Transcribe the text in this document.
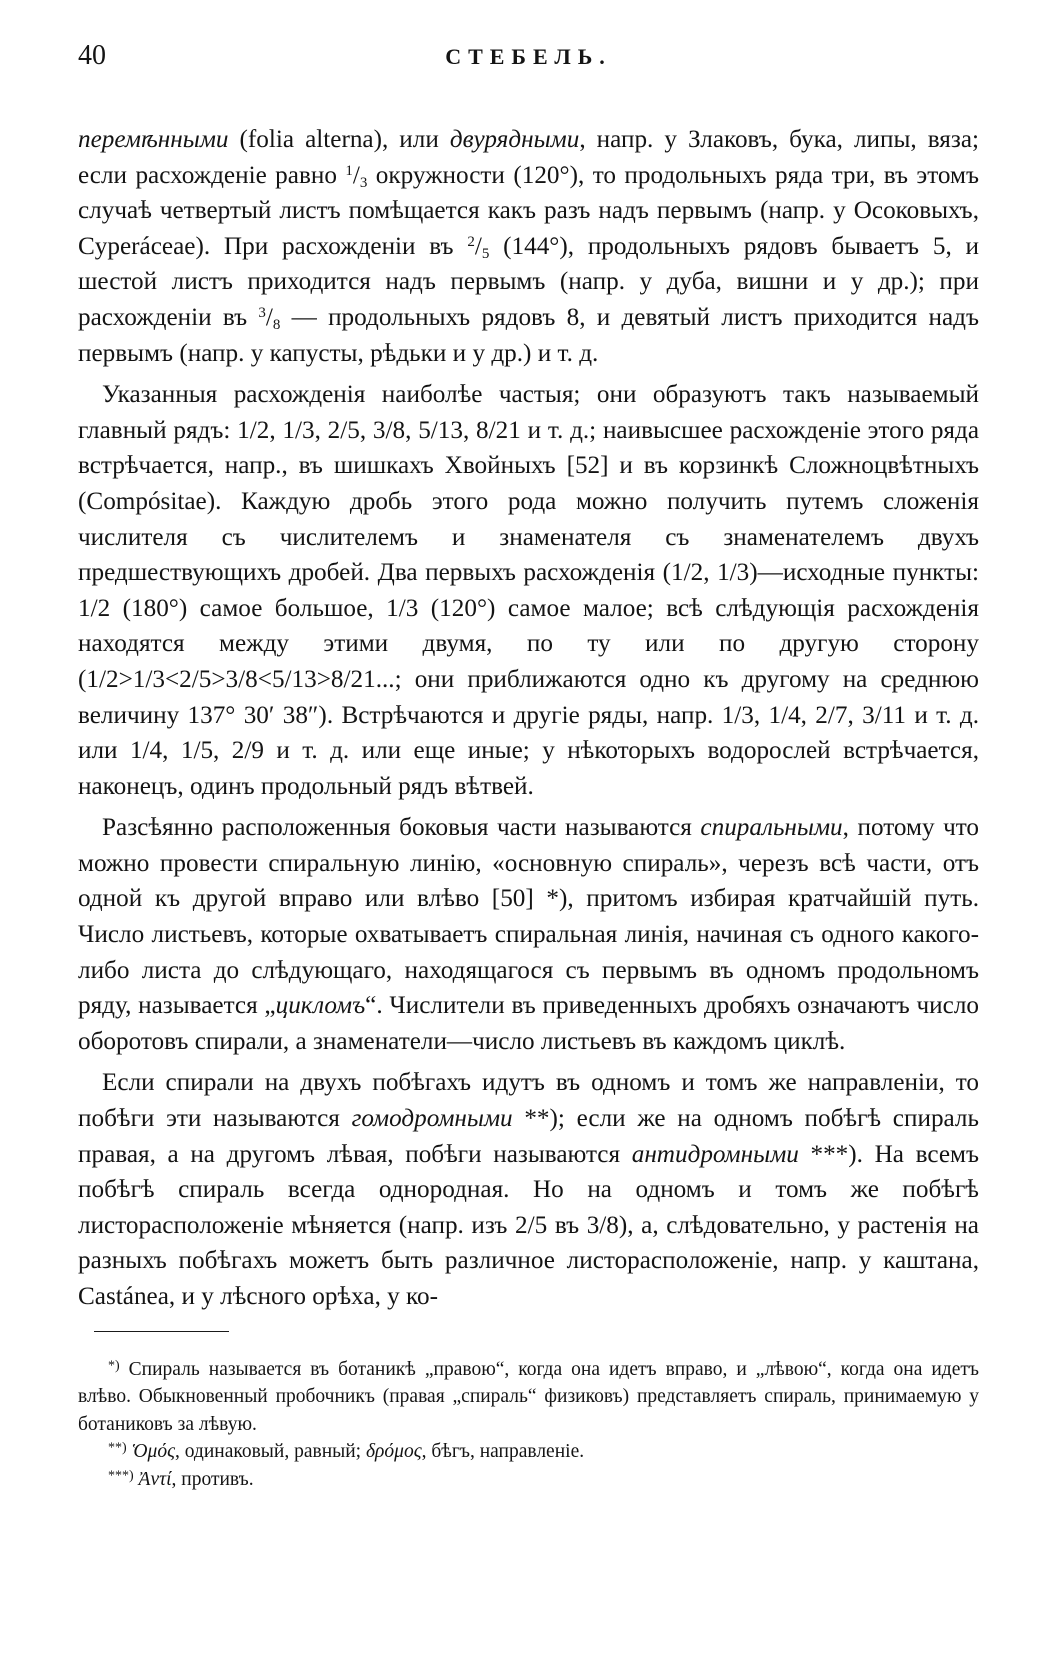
40	СТЕБЕЛЬ.

перемѣнными (folia alterna), или двурядными, напр. у Злаковъ, бука, липы, вяза; если расхожденіе равно $^1/_3$ окружности (120°), то продольныхъ ряда три, въ этомъ случаѣ четвертый листъ помѣщается какъ разъ надъ первымъ (напр. у Осоковыхъ, Cyperáceae). При расхожденіи въ $^2/_5$ (144°), продольныхъ рядовъ бываетъ 5, и шестой листъ приходится надъ первымъ (напр. у дуба, вишни и у др.); при расхожденіи въ $^3/_8$ — продольныхъ рядовъ 8, и девятый листъ приходится надъ первымъ (напр. у капусты, рѣдьки и у др.) и т. д.

Указанныя расхожденія наиболѣе частыя; они образуютъ такъ называемый главный рядъ: 1/2, 1/3, 2/5, 3/8, 5/13, 8/21 и т. д.; наивысшее расхожденіе этого ряда встрѣчается, напр., въ шишкахъ Хвойныхъ [52] и въ корзинкѣ Сложноцвѣтныхъ (Compósitae). Каждую дробь этого рода можно получить путемъ сложенія числителя съ числителемъ и знаменателя съ знаменателемъ двухъ предшествующихъ дробей. Два первыхъ расхожденія (1/2, 1/3)—исходные пункты: 1/2 (180°) самое большое, 1/3 (120°) самое малое; всѣ слѣдующія расхожденія находятся между этими двумя, по ту или по другую сторону (1/2>1/3<2/5>3/8<5/13>8/21...; они приближаются одно къ другому на среднюю величину 137° 30′ 38″). Встрѣчаются и другіе ряды, напр. 1/3, 1/4, 2/7, 3/11 и т. д. или 1/4, 1/5, 2/9 и т. д. или еще иные; у нѣкоторыхъ водорослей встрѣчается, наконецъ, одинъ продольный рядъ вѣтвей.

Разсѣянно расположенныя боковыя части называются спиральными, потому что можно провести спиральную линію, «основную спираль», черезъ всѣ части, отъ одной къ другой вправо или влѣво [50] *), притомъ избирая кратчайшій путь. Число листьевъ, которые охватываетъ спиральная линія, начиная съ одного какого-либо листа до слѣдующаго, находящагося съ первымъ въ одномъ продольномъ ряду, называется „цикломъ“. Числители въ приведенныхъ дробяхъ означаютъ число оборотовъ спирали, а знаменатели—число листьевъ въ каждомъ циклѣ.

Если спирали на двухъ побѣгахъ идутъ въ одномъ и томъ же направленіи, то побѣги эти называются гомодромными **); если же на одномъ побѣгѣ спираль правая, а на другомъ лѣвая, побѣги называются антидромными ***). На всемъ побѣгѣ спираль всегда однородная. Но на одномъ и томъ же побѣгѣ листорасположеніе мѣняется (напр. изъ 2/5 въ 3/8), а, слѣдовательно, у растенія на разныхъ побѣгахъ можетъ быть различное листорасположеніе, напр. у каштана, Castánea, и у лѣсного орѣха, у ко-

*) Спираль называется въ ботаникѣ „правою“, когда она идетъ вправо, и „лѣвою“, когда она идетъ влѣво. Обыкновенный пробочникъ (правая „спираль“ физиковъ) представляетъ спираль, принимаемую у ботаниковъ за лѣвую.

**) Ὁμός, одинаковый, равный; δρόμος, бѣгъ, направленіе.

***) Ἀντί, противъ.
